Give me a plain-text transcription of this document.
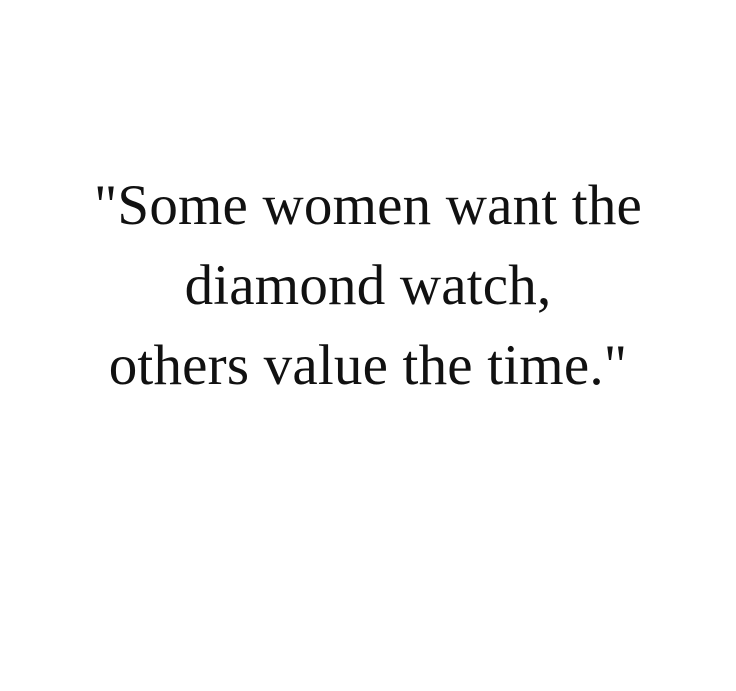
"Some women want the
diamond watch,
others value the time."
